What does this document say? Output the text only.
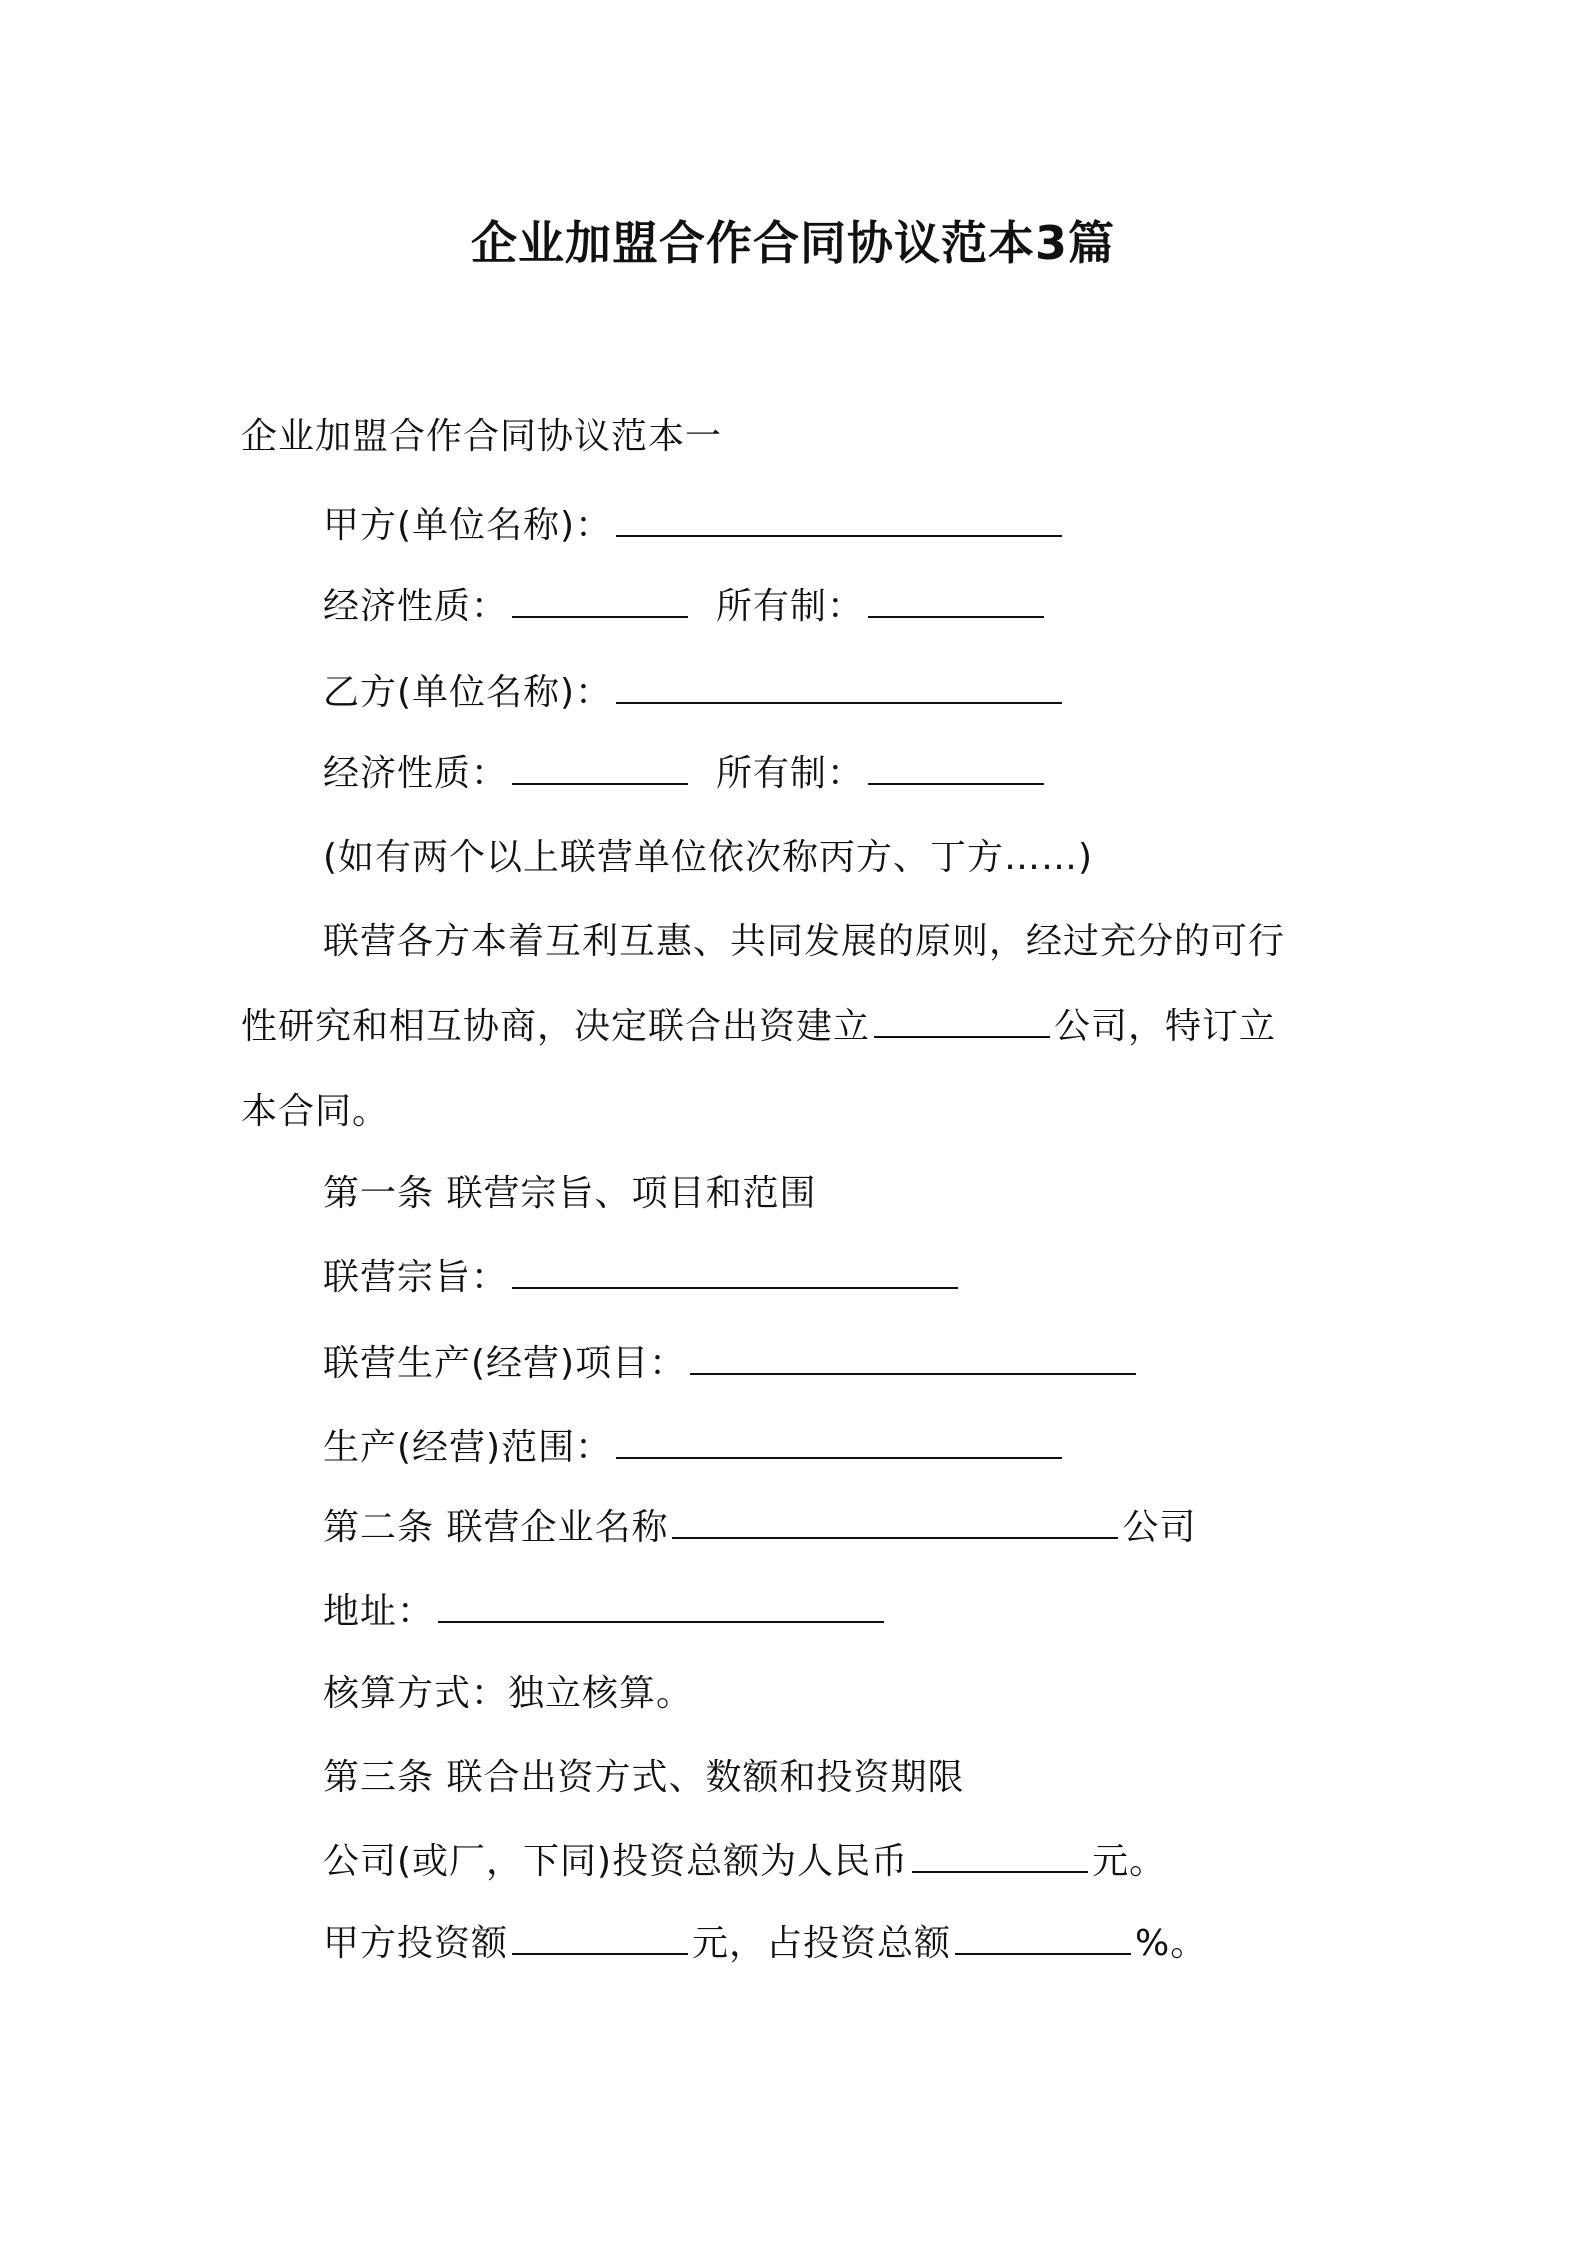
企业加盟合作合同协议范本3篇
企业加盟合作合同协议范本一
甲方(单位名称)：
经济性质：	所有制：
乙方(单位名称)：
经济性质：	所有制：
(如有两个以上联营单位依次称丙方、丁方……)
联营各方本着互利互惠、共同发展的原则，经过充分的可行
性研究和相互协商，决定联合出资建立	公司，特订立
本合同。
第一条 联营宗旨、项目和范围
联营宗旨：
联营生产(经营)项目：
生产(经营)范围：
第二条 联营企业名称	公司
地址：
核算方式：独立核算。
第三条 联合出资方式、数额和投资期限
公司(或厂，下同)投资总额为人民币	元。
甲方投资额	元，占投资总额	%。
